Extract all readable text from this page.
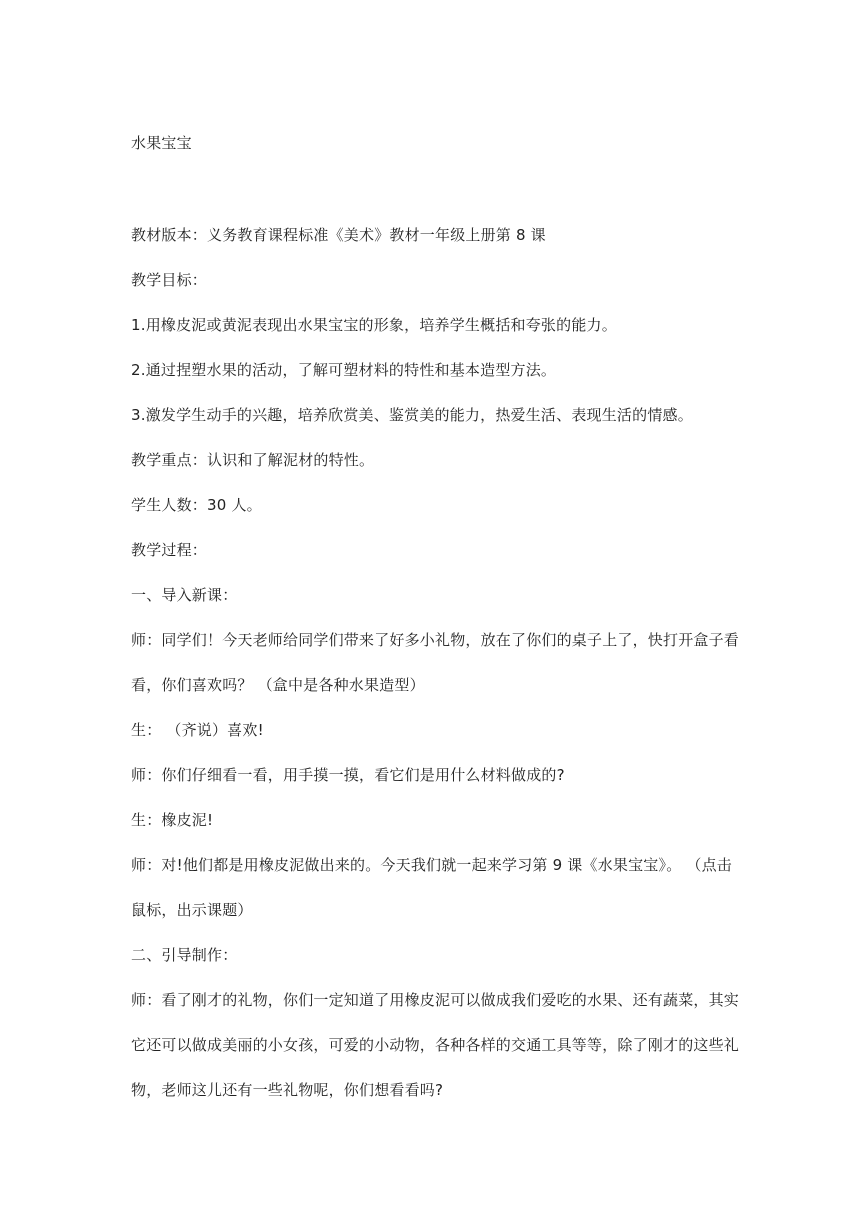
水果宝宝
教材版本：义务教育课程标准《美术》教材一年级上册第 8 课
教学目标：
1.用橡皮泥或黄泥表现出水果宝宝的形象，培养学生概括和夸张的能力。
2.通过捏塑水果的活动，了解可塑材料的特性和基本造型方法。
3.激发学生动手的兴趣，培养欣赏美、鉴赏美的能力，热爱生活、表现生活的情感。
教学重点：认识和了解泥材的特性。
学生人数：30 人。
教学过程：
一、导入新课：
师：同学们！今天老师给同学们带来了好多小礼物，放在了你们的桌子上了，快打开盒子看
看，你们喜欢吗？ （盒中是各种水果造型）
生： （齐说）喜欢!
师：你们仔细看一看，用手摸一摸，看它们是用什么材料做成的?
生：橡皮泥!
师：对!他们都是用橡皮泥做出来的。今天我们就一起来学习第 9 课《水果宝宝》。 （点击
鼠标，出示课题）
二、引导制作：
师：看了刚才的礼物，你们一定知道了用橡皮泥可以做成我们爱吃的水果、还有蔬菜，其实
它还可以做成美丽的小女孩，可爱的小动物，各种各样的交通工具等等，除了刚才的这些礼
物，老师这儿还有一些礼物呢，你们想看看吗?
